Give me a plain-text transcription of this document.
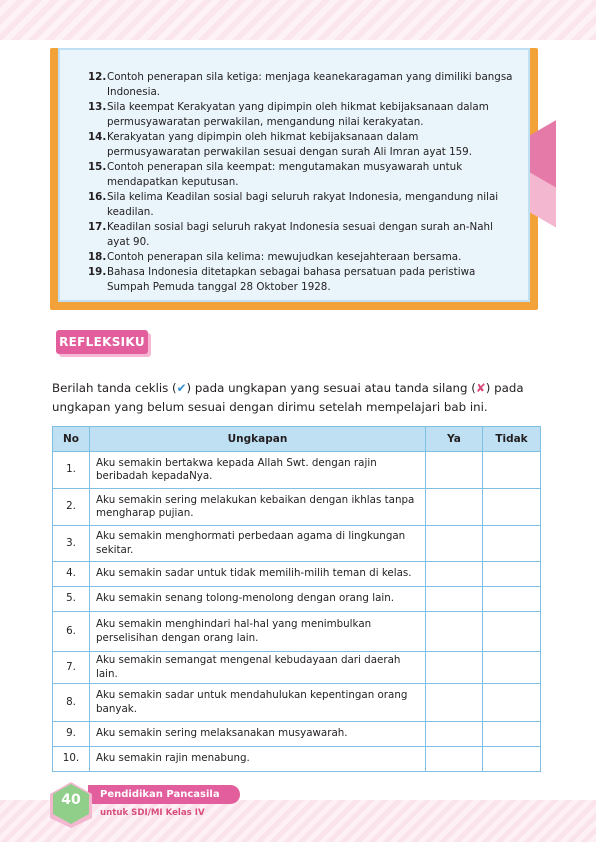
12. Contoh penerapan sila ketiga: menjaga keanekaragaman yang dimiliki bangsa Indonesia.
13. Sila keempat Kerakyatan yang dipimpin oleh hikmat kebijaksanaan dalam permusyawaratan perwakilan, mengandung nilai kerakyatan.
14. Kerakyatan yang dipimpin oleh hikmat kebijaksanaan dalam permusyawaratan perwakilan sesuai dengan surah Ali Imran ayat 159.
15. Contoh penerapan sila keempat: mengutamakan musyawarah untuk mendapatkan keputusan.
16. Sila kelima Keadilan sosial bagi seluruh rakyat Indonesia, mengandung nilai keadilan.
17. Keadilan sosial bagi seluruh rakyat Indonesia sesuai dengan surah an-Nahl ayat 90.
18. Contoh penerapan sila kelima: mewujudkan kesejahteraan bersama.
19. Bahasa Indonesia ditetapkan sebagai bahasa persatuan pada peristiwa Sumpah Pemuda tanggal 28 Oktober 1928.
REFLEKSIKU
Berilah tanda ceklis (✔) pada ungkapan yang sesuai atau tanda silang (✘) pada ungkapan yang belum sesuai dengan dirimu setelah mempelajari bab ini.
No	Ungkapan	Ya	Tidak
1.	Aku semakin bertakwa kepada Allah Swt. dengan rajin beribadah kepadaNya.		
2.	Aku semakin sering melakukan kebaikan dengan ikhlas tanpa mengharap pujian.		
3.	Aku semakin menghormati perbedaan agama di lingkungan sekitar.		
4.	Aku semakin sadar untuk tidak memilih-milih teman di kelas.		
5.	Aku semakin senang tolong-menolong dengan orang lain.		
6.	Aku semakin menghindari hal-hal yang menimbulkan perselisihan dengan orang lain.		
7.	Aku semakin semangat mengenal kebudayaan dari daerah lain.		
8.	Aku semakin sadar untuk mendahulukan kepentingan orang banyak.		
9.	Aku semakin sering melaksanakan musyawarah.		
10.	Aku semakin rajin menabung.		
Pendidikan Pancasila
untuk SDI/MI Kelas IV
40
